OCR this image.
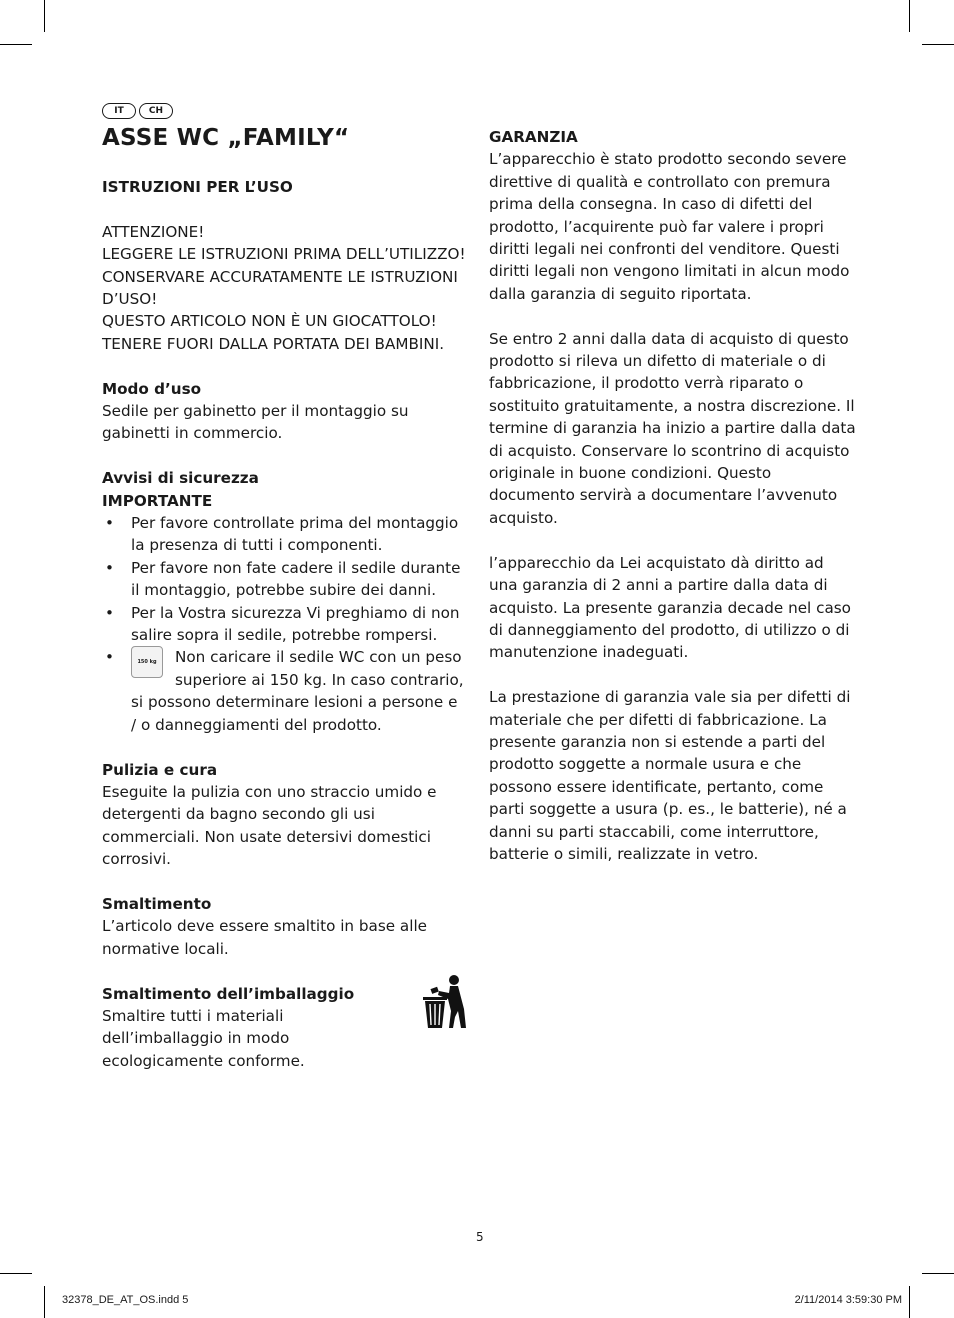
IT	CH
ASSE WC „FAMILY“

ISTRUZIONI PER L’USO

ATTENZIONE!

LEGGERE LE ISTRUZIONI PRIMA DELL’UTILIZZO!

CONSERVARE ACCURATAMENTE LE ISTRUZIONI

D’USO!

QUESTO ARTICOLO NON È UN GIOCATTOLO!

TENERE FUORI DALLA PORTATA DEI BAMBINI.

Modo d’uso

Sedile per gabinetto per il montaggio su gabinetti in commercio.

Avvisi di sicurezza

IMPORTANTE

• Per favore controllate prima del montaggio la presenza di tutti i componenti.
• Per favore non fate cadere il sedile durante il montaggio, potrebbe subire dei danni.
• Per la Vostra sicurezza Vi preghiamo di non salire sopra il sedile, potrebbe rompersi.
• 150 kg Non caricare il sedile WC con un peso superiore ai 150 kg. In caso contrario, si possono determinare lesioni a persone e / o danneggiamenti del prodotto.

Pulizia e cura

Eseguite la pulizia con uno straccio umido e detergenti da bagno secondo gli usi commerciali. Non usate detersivi domestici corrosivi.

Smaltimento

L’articolo deve essere smaltito in base alle normative locali.

Smaltimento dell’imballaggio

Smaltire tutti i materiali dell’imballaggio in modo ecologicamente conforme.

GARANZIA

L’apparecchio è stato prodotto secondo severe direttive di qualità e controllato con premura prima della consegna. In caso di difetti del prodotto, l’acquirente può far valere i propri diritti legali nei confronti del venditore. Questi diritti legali non vengono limitati in alcun modo dalla garanzia di seguito riportata.

Se entro 2 anni dalla data di acquisto di questo prodotto si rileva un difetto di materiale o di fabbricazione, il prodotto verrà riparato o sostituito gratuitamente, a nostra discrezione. Il termine di garanzia ha inizio a partire dalla data di acquisto. Conservare lo scontrino di acquisto originale in buone condizioni. Questo documento servirà a documentare l’avvenuto acquisto.

l’apparecchio da Lei acquistato dà diritto ad una garanzia di 2 anni a partire dalla data di acquisto. La presente garanzia decade nel caso di danneggiamento del prodotto, di utilizzo o di manutenzione inadeguati.

La prestazione di garanzia vale sia per difetti di materiale che per difetti di fabbricazione. La presente garanzia non si estende a parti del prodotto soggette a normale usura e che possono essere identificate, pertanto, come parti soggette a usura (p. es., le batterie), né a danni su parti staccabili, come interruttore, batterie o simili, realizzate in vetro.

5
32378_DE_AT_OS.indd 5	2/11/2014 3:59:30 PM
